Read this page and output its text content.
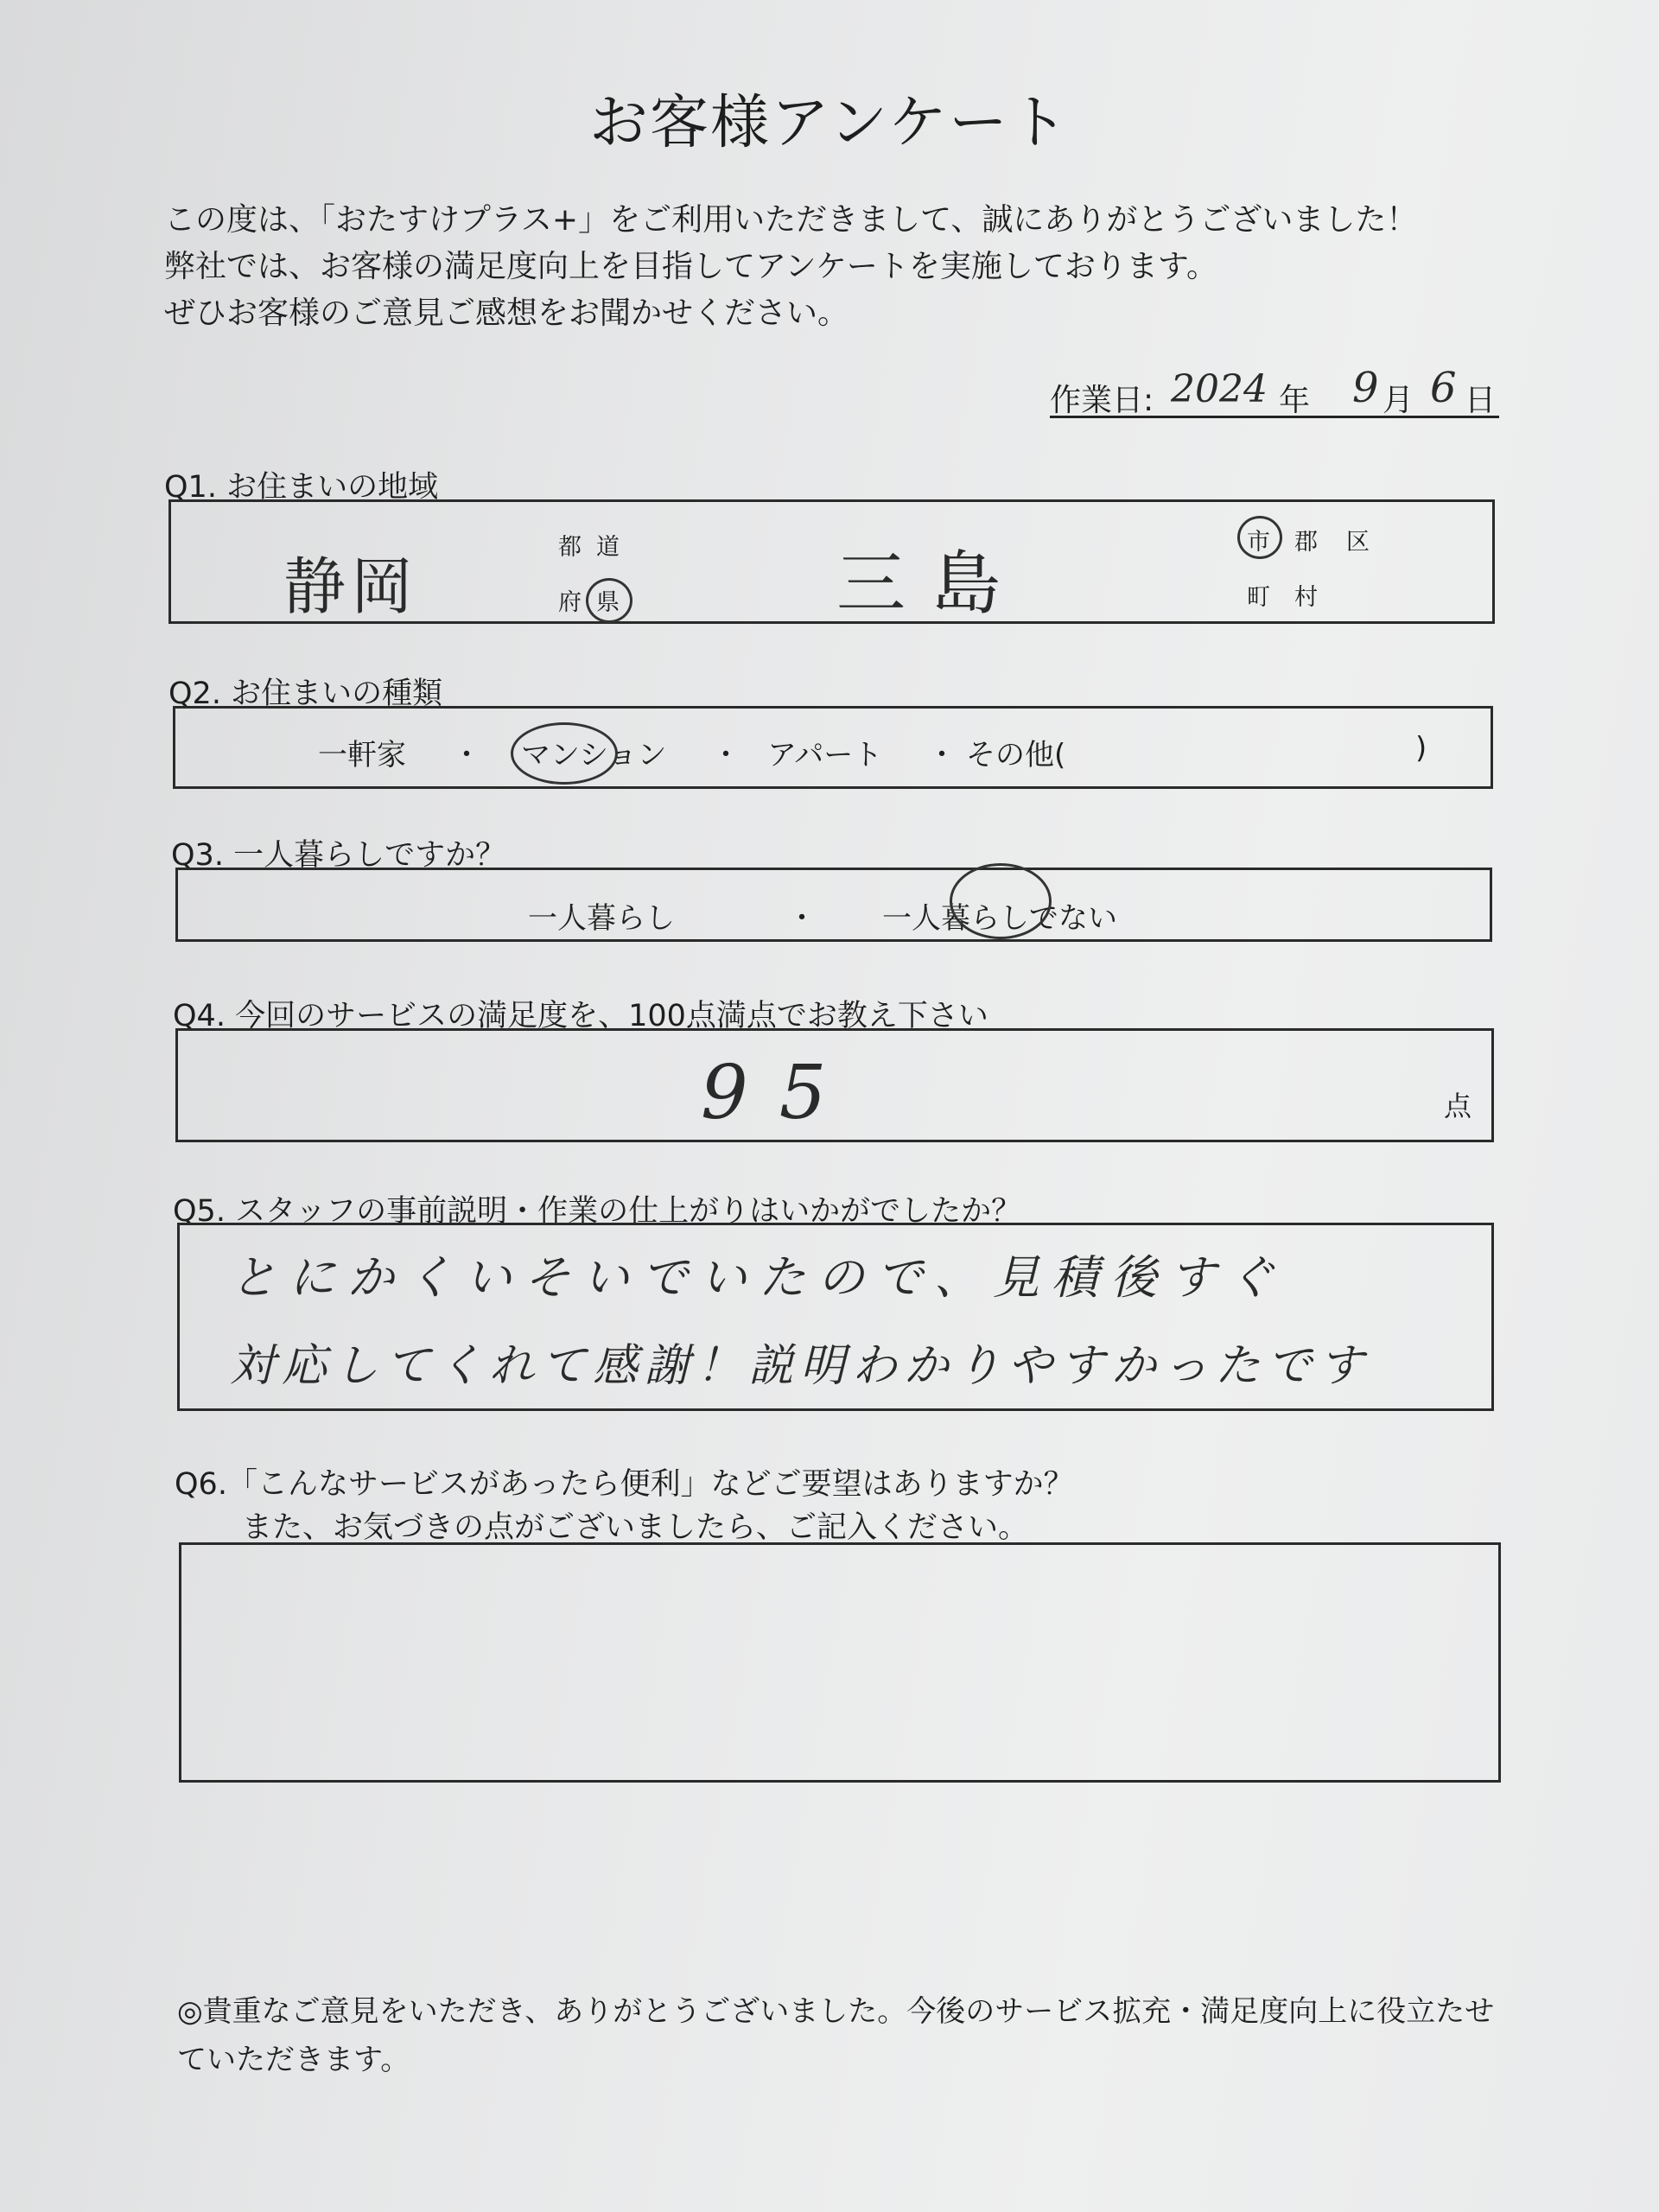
お客様アンケート
この度は、「おたすけプラス+」をご利用いただきまして、誠にありがとうございました！
弊社では、お客様の満足度向上を目指してアンケートを実施しております。
ぜひお客様のご意見ご感想をお聞かせください。
作業日: 2024 年 9 月 6 日
Q1. お住まいの地域
静岡
都 道
府 県	三島
市 郡 区
町 村
Q2. お住まいの種類
一軒家 ・ マンション ・ アパート ・ その他(	)
Q3. 一人暮らしですか？
一人暮らし	・ 一人暮らしでない
Q4. 今回のサービスの満足度を、100点満点でお教え下さい
95	点
Q5. スタッフの事前説明・作業の仕上がりはいかがでしたか？
とにかくいそいでいたので、見積後すぐ
対応してくれて感謝！説明わかりやすかったです
Q6.「こんなサービスがあったら便利」などご要望はありますか？
また、お気づきの点がございましたら、ご記入ください。
◎貴重なご意見をいただき、ありがとうございました。今後のサービス拡充・満足度向上に役立たせていただきます。
